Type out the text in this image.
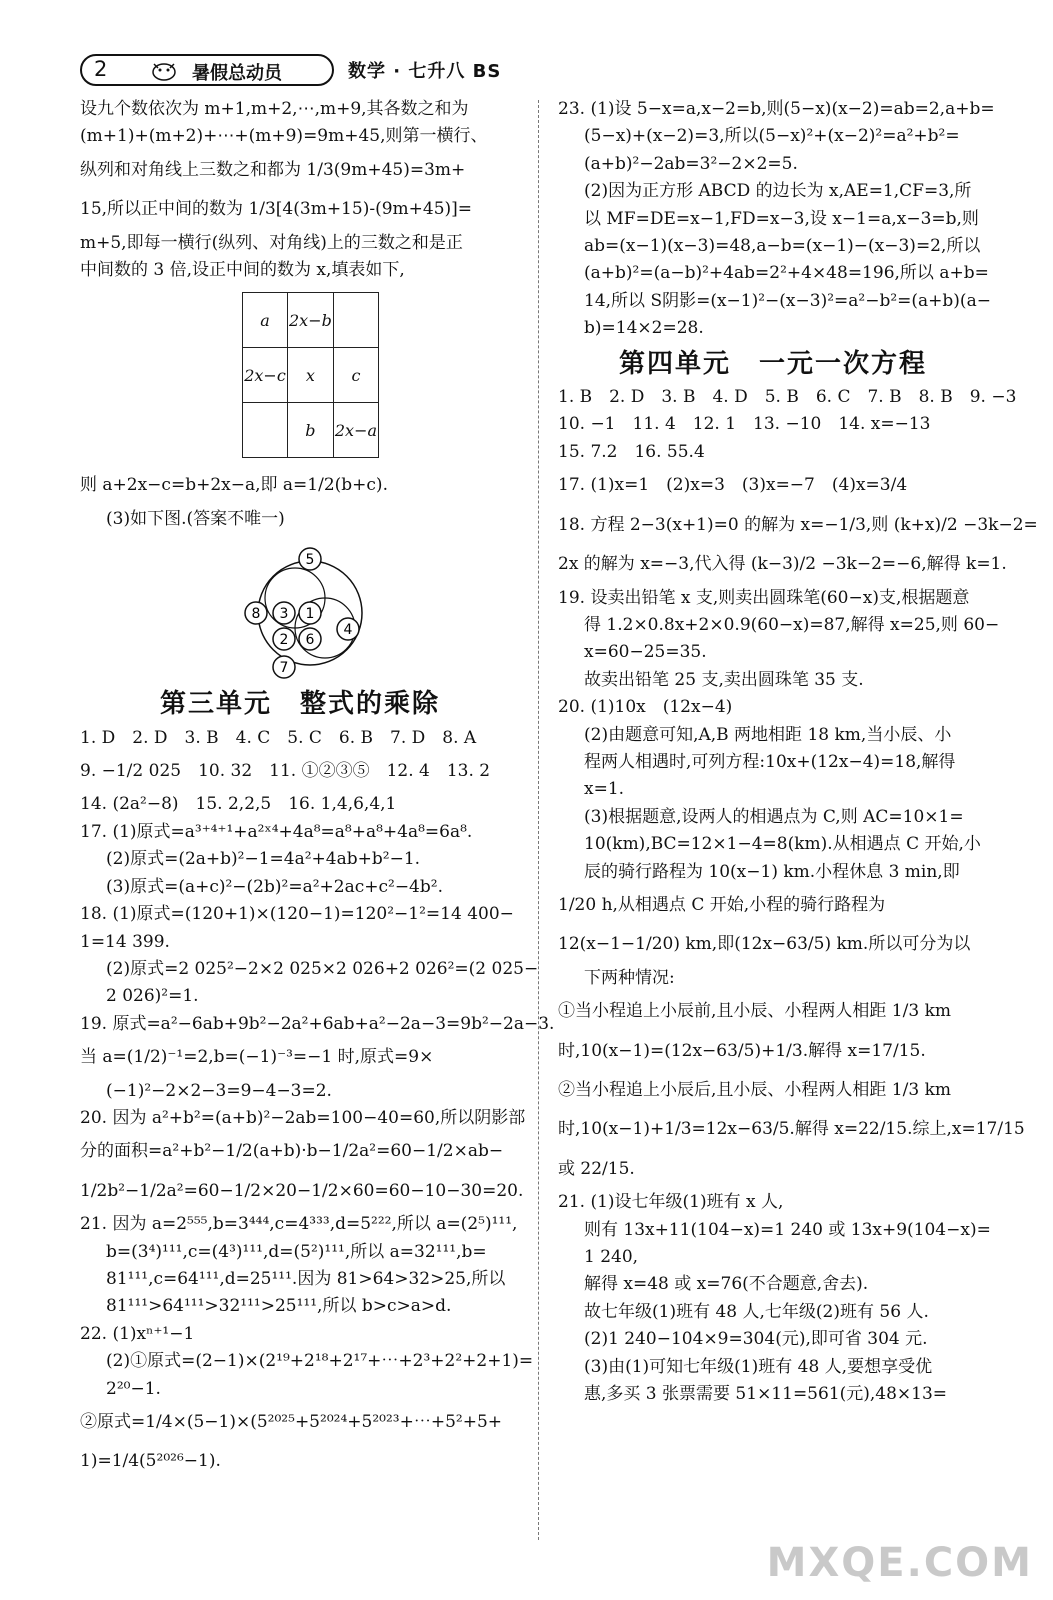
2	暑假总动员	数学 · 七升八 BS
设九个数依次为 m+1,m+2,⋯,m+9,其各数之和为
(m+1)+(m+2)+⋯+(m+9)=9m+45,则第一横行、
纵列和对角线上三数之和都为 1/3(9m+45)=3m+
15,所以正中间的数为 1/3[4(3m+15)-(9m+45)]=
m+5,即每一横行(纵列、对角线)上的三数之和是正
中间数的 3 倍,设正中间的数为 x,填表如下,
a	2x−b	
2x−c	x	c
	b	2x−a
则 a+2x−c=b+2x−a,即 a=1/2(b+c).
(3)如下图.(答案不唯一)
5
8 3 1
4
2 6
7
第三单元　整式的乘除
1. D　2. D　3. B　4. C　5. C　6. B　7. D　8. A
9. −1/2 025　10. 32　11. ①②③⑤　12. 4　13. 2
14. (2a²−8)　15. 2,2,5　16. 1,4,6,4,1
17. (1)原式=a³⁺⁴⁺¹+a²ˣ⁴+4a⁸=a⁸+a⁸+4a⁸=6a⁸.
(2)原式=(2a+b)²−1=4a²+4ab+b²−1.
(3)原式=(a+c)²−(2b)²=a²+2ac+c²−4b².
18. (1)原式=(120+1)×(120−1)=120²−1²=14 400−
1=14 399.
(2)原式=2 025²−2×2 025×2 026+2 026²=(2 025−
2 026)²=1.
19. 原式=a²−6ab+9b²−2a²+6ab+a²−2a−3=9b²−2a−3.
当 a=(1/2)⁻¹=2,b=(−1)⁻³=−1 时,原式=9×
(−1)²−2×2−3=9−4−3=2.
20. 因为 a²+b²=(a+b)²−2ab=100−40=60,所以阴影部
分的面积=a²+b²−1/2(a+b)·b−1/2a²=60−1/2×ab−
1/2b²−1/2a²=60−1/2×20−1/2×60=60−10−30=20.
21. 因为 a=2⁵⁵⁵,b=3⁴⁴⁴,c=4³³³,d=5²²²,所以 a=(2⁵)¹¹¹,
b=(3⁴)¹¹¹,c=(4³)¹¹¹,d=(5²)¹¹¹,所以 a=32¹¹¹,b=
81¹¹¹,c=64¹¹¹,d=25¹¹¹.因为 81>64>32>25,所以
81¹¹¹>64¹¹¹>32¹¹¹>25¹¹¹,所以 b>c>a>d.
22. (1)xⁿ⁺¹−1
(2)①原式=(2−1)×(2¹⁹+2¹⁸+2¹⁷+⋯+2³+2²+2+1)=
2²⁰−1.
②原式=1/4×(5−1)×(5²⁰²⁵+5²⁰²⁴+5²⁰²³+⋯+5²+5+
1)=1/4(5²⁰²⁶−1).
23. (1)设 5−x=a,x−2=b,则(5−x)(x−2)=ab=2,a+b=
(5−x)+(x−2)=3,所以(5−x)²+(x−2)²=a²+b²=
(a+b)²−2ab=3²−2×2=5.
(2)因为正方形 ABCD 的边长为 x,AE=1,CF=3,所
以 MF=DE=x−1,FD=x−3,设 x−1=a,x−3=b,则
ab=(x−1)(x−3)=48,a−b=(x−1)−(x−3)=2,所以
(a+b)²=(a−b)²+4ab=2²+4×48=196,所以 a+b=
14,所以 S阴影=(x−1)²−(x−3)²=a²−b²=(a+b)(a−
b)=14×2=28.
第四单元　一元一次方程
1. B　2. D　3. B　4. D　5. B　6. C　7. B　8. B　9. −3
10. −1　11. 4　12. 1　13. −10　14. x=−13
15. 7.2　16. 55.4
17. (1)x=1　(2)x=3　(3)x=−7　(4)x=3/4
18. 方程 2−3(x+1)=0 的解为 x=−1/3,则 (k+x)/2 −3k−2=
2x 的解为 x=−3,代入得 (k−3)/2 −3k−2=−6,解得 k=1.
19. 设卖出铅笔 x 支,则卖出圆珠笔(60−x)支,根据题意
得 1.2×0.8x+2×0.9(60−x)=87,解得 x=25,则 60−
x=60−25=35.
故卖出铅笔 25 支,卖出圆珠笔 35 支.
20. (1)10x　(12x−4)
(2)由题意可知,A,B 两地相距 18 km,当小辰、小
程两人相遇时,可列方程:10x+(12x−4)=18,解得
x=1.
(3)根据题意,设两人的相遇点为 C,则 AC=10×1=
10(km),BC=12×1−4=8(km).从相遇点 C 开始,小
辰的骑行路程为 10(x−1) km.小程休息 3 min,即
1/20 h,从相遇点 C 开始,小程的骑行路程为
12(x−1−1/20) km,即(12x−63/5) km.所以可分为以
下两种情况:
①当小程追上小辰前,且小辰、小程两人相距 1/3 km
时,10(x−1)=(12x−63/5)+1/3.解得 x=17/15.
②当小程追上小辰后,且小辰、小程两人相距 1/3 km
时,10(x−1)+1/3=12x−63/5.解得 x=22/15.综上,x=17/15
或 22/15.
21. (1)设七年级(1)班有 x 人,
则有 13x+11(104−x)=1 240 或 13x+9(104−x)=
1 240,
解得 x=48 或 x=76(不合题意,舍去).
故七年级(1)班有 48 人,七年级(2)班有 56 人.
(2)1 240−104×9=304(元),即可省 304 元.
(3)由(1)可知七年级(1)班有 48 人,要想享受优
惠,多买 3 张票需要 51×11=561(元),48×13=
MXQE.COM
